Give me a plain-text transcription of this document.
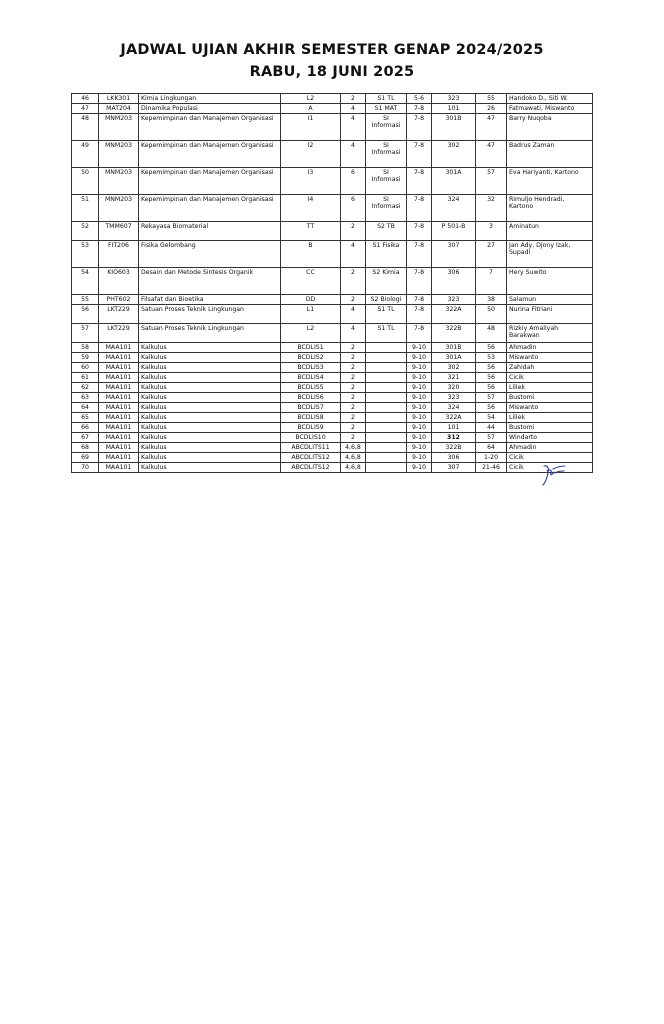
JADWAL UJIAN AKHIR SEMESTER GENAP 2024/2025
RABU, 18 JUNI 2025
46	LKK301	Kimia Lingkungan	L2	2	S1 TL	5-6	323	55	Handoko D., Siti W.
47	MAT204	Dinamika Populasi	A	4	S1 MAT	7-8	101	26	Fatmawati, Miswanto
48	MNM203	Kepemimpinan dan Manajemen Organisasi	I1	4	SI Informasi	7-8	301B	47	Barry Nuqoba
49	MNM203	Kepemimpinan dan Manajemen Organisasi	I2	4	SI Informasi	7-8	302	47	Badrus Zaman
50	MNM203	Kepemimpinan dan Manajemen Organisasi	I3	6	SI Informasi	7-8	301A	57	Eva Hariyanti, Kartono
51	MNM203	Kepemimpinan dan Manajemen Organisasi	I4	6	SI Informasi	7-8	324	32	Rimuljo Hendradi, Kartono
52	TMM607	Rekayasa Biomaterial	TT	2	S2 TB	7-8	P 501-B	3	Aminatun
53	FIT206	Fisika Gelombang	B	4	S1 Fisika	7-8	307	27	Jan Ady, Djony Izak, Supadi
54	KIO603	Desain dan Metode Sintesis Organik	CC	2	S2 Kimia	7-8	306	7	Hery Suwito
55	PHT602	Filsafat dan Bioetika	DD	2	S2 Biologi	7-8	323	38	Salamun
56	LKT229	Satuan Proses Teknik Lingkungan	L1	4	S1 TL	7-8	322A	50	Nurina Fitriani
57	LKT229	Satuan Proses Teknik Lingkungan	L2	4	S1 TL	7-8	322B	48	Rizkiy Amaliyah Barakwan
58	MAA101	Kalkulus	BCDLIS1	2		9-10	301B	56	Ahmadin
59	MAA101	Kalkulus	BCDLIS2	2		9-10	301A	53	Miswanto
60	MAA101	Kalkulus	BCDLIS3	2		9-10	302	56	Zahidah
61	MAA101	Kalkulus	BCDLIS4	2		9-10	321	56	Cicik
62	MAA101	Kalkulus	BCDLIS5	2		9-10	320	56	Liliek
63	MAA101	Kalkulus	BCDLIS6	2		9-10	323	57	Bustomi
64	MAA101	Kalkulus	BCDLIS7	2		9-10	324	56	Miswanto
65	MAA101	Kalkulus	BCDLIS8	2		9-10	322A	54	Liliek
66	MAA101	Kalkulus	BCDLIS9	2		9-10	101	44	Bustomi
67	MAA101	Kalkulus	BCDLIS10	2		9-10	312	57	Windarto
68	MAA101	Kalkulus	ABCDLITS11	4,6,8		9-10	322B	64	Ahmadin
69	MAA101	Kalkulus	ABCDLITS12	4,6,8		9-10	306	1-20	Cicik
70	MAA101	Kalkulus	ABCDLITS12	4,6,8		9-10	307	21-46	Cicik
